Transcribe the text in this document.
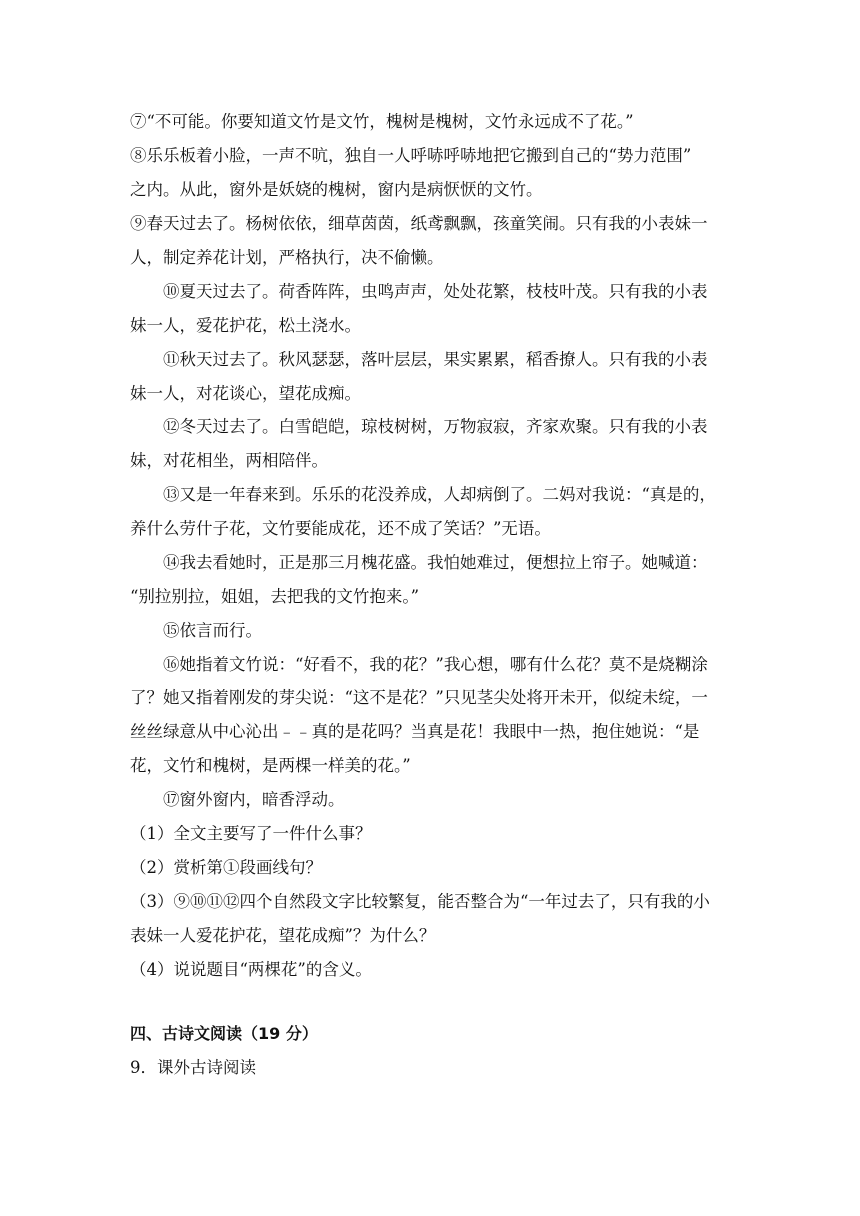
⑦“不可能。你要知道文竹是文竹，槐树是槐树，文竹永远成不了花。”
⑧乐乐板着小脸，一声不吭，独自一人呼哧呼哧地把它搬到自己的“势力范围”
之内。从此，窗外是妖娆的槐树，窗内是病恹恹的文竹。
⑨春天过去了。杨树依依，细草茵茵，纸鸢飘飘，孩童笑闹。只有我的小表妹一
人，制定养花计划，严格执行，决不偷懒。
⑩夏天过去了。荷香阵阵，虫鸣声声，处处花繁，枝枝叶茂。只有我的小表
妹一人，爱花护花，松土浇水。
⑪秋天过去了。秋风瑟瑟，落叶层层，果实累累，稻香撩人。只有我的小表
妹一人，对花谈心，望花成痴。
⑫冬天过去了。白雪皑皑，琼枝树树，万物寂寂，齐家欢聚。只有我的小表
妹，对花相坐，两相陪伴。
⑬又是一年春来到。乐乐的花没养成，人却病倒了。二妈对我说：“真是的，
养什么劳什子花，文竹要能成花，还不成了笑话？”无语。
⑭我去看她时，正是那三月槐花盛。我怕她难过，便想拉上帘子。她喊道：
“别拉别拉，姐姐，去把我的文竹抱来。”
⑮依言而行。
⑯她指着文竹说：“好看不，我的花？”我心想，哪有什么花？莫不是烧糊涂
了？她又指着刚发的芽尖说：“这不是花？”只见茎尖处将开未开，似绽未绽，一
丝丝绿意从中心沁出﹣﹣真的是花吗？当真是花！我眼中一热，抱住她说：“是
花，文竹和槐树，是两棵一样美的花。”
⑰窗外窗内，暗香浮动。
（1）全文主要写了一件什么事？
（2）赏析第①段画线句？
（3）⑨⑩⑪⑫四个自然段文字比较繁复，能否整合为“一年过去了，只有我的小
表妹一人爱花护花，望花成痴”？为什么？
（4）说说题目“两棵花”的含义。
四、古诗文阅读（19 分）
9．课外古诗阅读
